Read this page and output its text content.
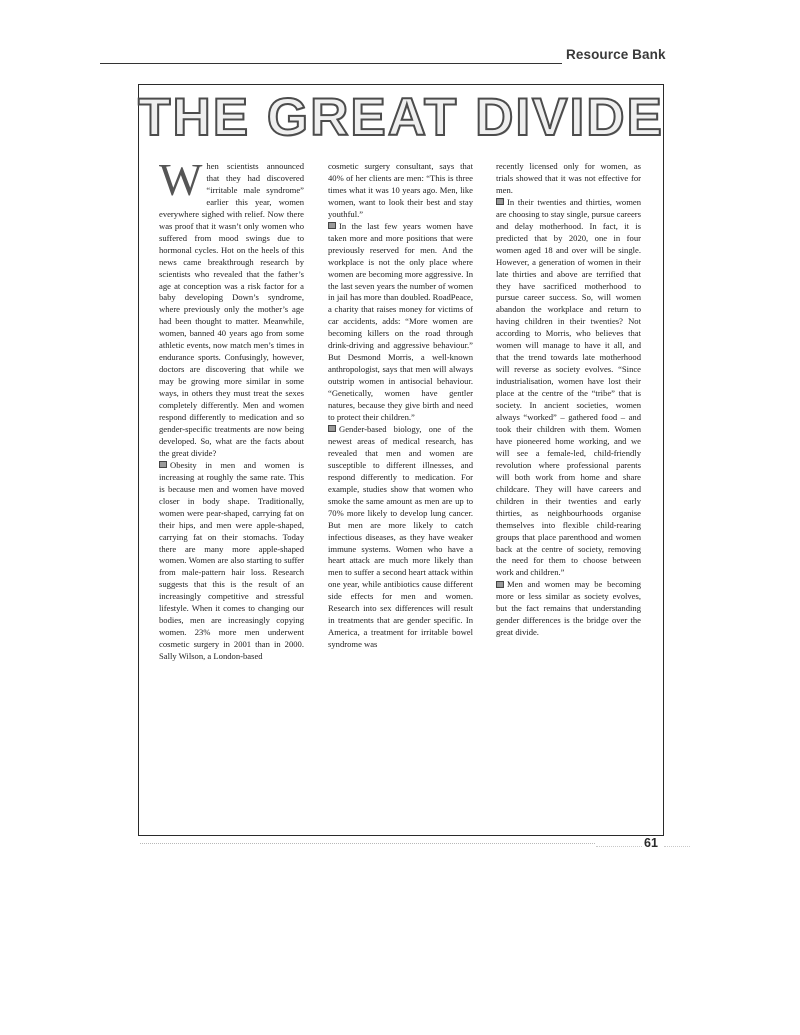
Resource Bank
THE GREAT DIVIDE

When scientists announced that they had discovered “irritable male syndrome” earlier this year, women everywhere sighed with relief. Now there was proof that it wasn’t only women who suffered from mood swings due to hormonal cycles. Hot on the heels of this news came breakthrough research by scientists who revealed that the father’s age at conception was a risk factor for a baby developing Down’s syndrome, where previously only the mother’s age had been thought to matter. Meanwhile, women, banned 40 years ago from some athletic events, now match men’s times in endurance sports. Confusingly, however, doctors are discovering that while we may be growing more similar in some ways, in others they must treat the sexes completely differently. Men and women respond differently to medication and so gender-specific treatments are now being developed. So, what are the facts about the great divide?

Obesity in men and women is increasing at roughly the same rate. This is because men and women have moved closer in body shape. Traditionally, women were pear-shaped, carrying fat on their hips, and men were apple-shaped, carrying fat on their stomachs. Today there are many more apple-shaped women. Women are also starting to suffer from male-pattern hair loss. Research suggests that this is the result of an increasingly competitive and stressful lifestyle. When it comes to changing our bodies, men are increasingly copying women. 23% more men underwent cosmetic surgery in 2001 than in 2000. Sally Wilson, a London-based

cosmetic surgery consultant, says that 40% of her clients are men: “This is three times what it was 10 years ago. Men, like women, want to look their best and stay youthful.”

In the last few years women have taken more and more positions that were previously reserved for men. And the workplace is not the only place where women are becoming more aggressive. In the last seven years the number of women in jail has more than doubled. RoadPeace, a charity that raises money for victims of car accidents, adds: “More women are becoming killers on the road through drink-driving and aggressive behaviour.” But Desmond Morris, a well-known anthropologist, says that men will always outstrip women in antisocial behaviour. “Genetically, women have gentler natures, because they give birth and need to protect their children.”

Gender-based biology, one of the newest areas of medical research, has revealed that men and women are susceptible to different illnesses, and respond differently to medication. For example, studies show that women who smoke the same amount as men are up to 70% more likely to develop lung cancer. But men are more likely to catch infectious diseases, as they have weaker immune systems. Women who have a heart attack are much more likely than men to suffer a second heart attack within one year, while antibiotics cause different side effects for men and women. Research into sex differences will result in treatments that are gender specific. In America, a treatment for irritable bowel syndrome was

recently licensed only for women, as trials showed that it was not effective for men.

In their twenties and thirties, women are choosing to stay single, pursue careers and delay motherhood. In fact, it is predicted that by 2020, one in four women aged 18 and over will be single. However, a generation of women in their late thirties and above are terrified that they have sacrificed motherhood to pursue career success. So, will women abandon the workplace and return to having children in their twenties? Not according to Morris, who believes that women will manage to have it all, and that the trend towards late motherhood will reverse as society evolves. “Since industrialisation, women have lost their place at the centre of the “tribe” that is society. In ancient societies, women always “worked” – gathered food – and took their children with them. Women have pioneered home working, and we will see a female-led, child-friendly revolution where professional parents will both work from home and share childcare. They will have careers and children in their twenties and early thirties, as neighbourhoods organise themselves into flexible child-rearing groups that place parenthood and women back at the centre of society, removing the need for them to choose between work and children.”

Men and women may be becoming more or less similar as society evolves, but the fact remains that understanding gender differences is the bridge over the great divide.

61
